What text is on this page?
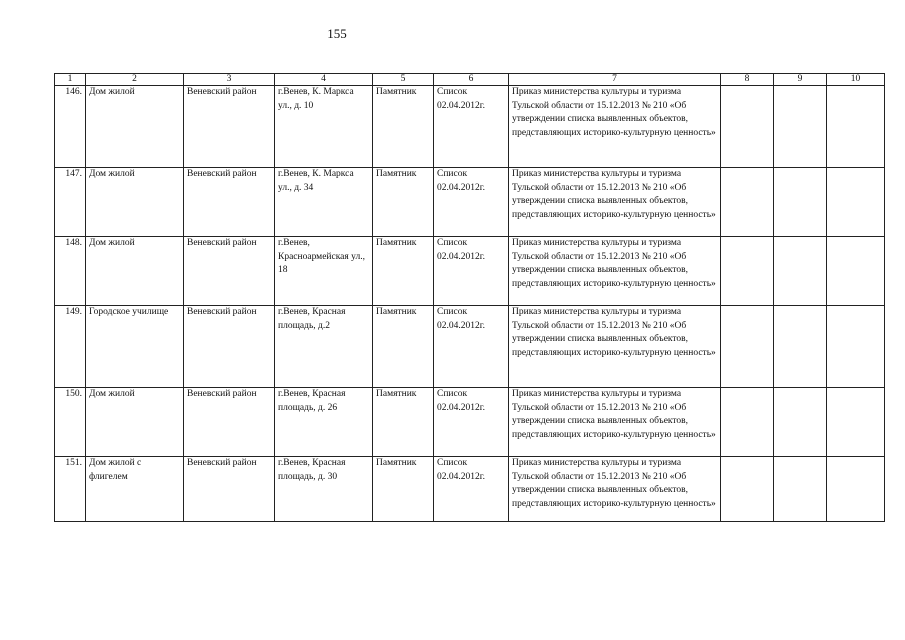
155
1	2	3	4	5	6	7	8	9	10
146.	Дом жилой	Веневский район	г.Венев, К. Маркса ул., д. 10	Памятник	Список 02.04.2012г.	Приказ министерства культуры и туризма Тульской области от 15.12.2013 № 210 «Об утверждении списка выявленных объектов, представляющих историко-культурную ценность»			
147.	Дом жилой	Веневский район	г.Венев, К. Маркса ул., д. 34	Памятник	Список 02.04.2012г.	Приказ министерства культуры и туризма Тульской области от 15.12.2013 № 210 «Об утверждении списка выявленных объектов, представляющих историко-культурную ценность»			
148.	Дом жилой	Веневский район	г.Венев, Красноармейская ул., 18	Памятник	Список 02.04.2012г.	Приказ министерства культуры и туризма Тульской области от 15.12.2013 № 210 «Об утверждении списка выявленных объектов, представляющих историко-культурную ценность»			
149.	Городское училище	Веневский район	г.Венев, Красная площадь, д.2	Памятник	Список 02.04.2012г.	Приказ министерства культуры и туризма Тульской области от 15.12.2013 № 210 «Об утверждении списка выявленных объектов, представляющих историко-культурную ценность»			
150.	Дом жилой	Веневский район	г.Венев, Красная площадь, д. 26	Памятник	Список 02.04.2012г.	Приказ министерства культуры и туризма Тульской области от 15.12.2013 № 210 «Об утверждении списка выявленных объектов, представляющих историко-культурную ценность»			
151.	Дом жилой с флигелем	Веневский район	г.Венев, Красная площадь, д. 30	Памятник	Список 02.04.2012г.	Приказ министерства культуры и туризма Тульской области от 15.12.2013 № 210 «Об утверждении списка выявленных объектов, представляющих историко-культурную ценность»			
